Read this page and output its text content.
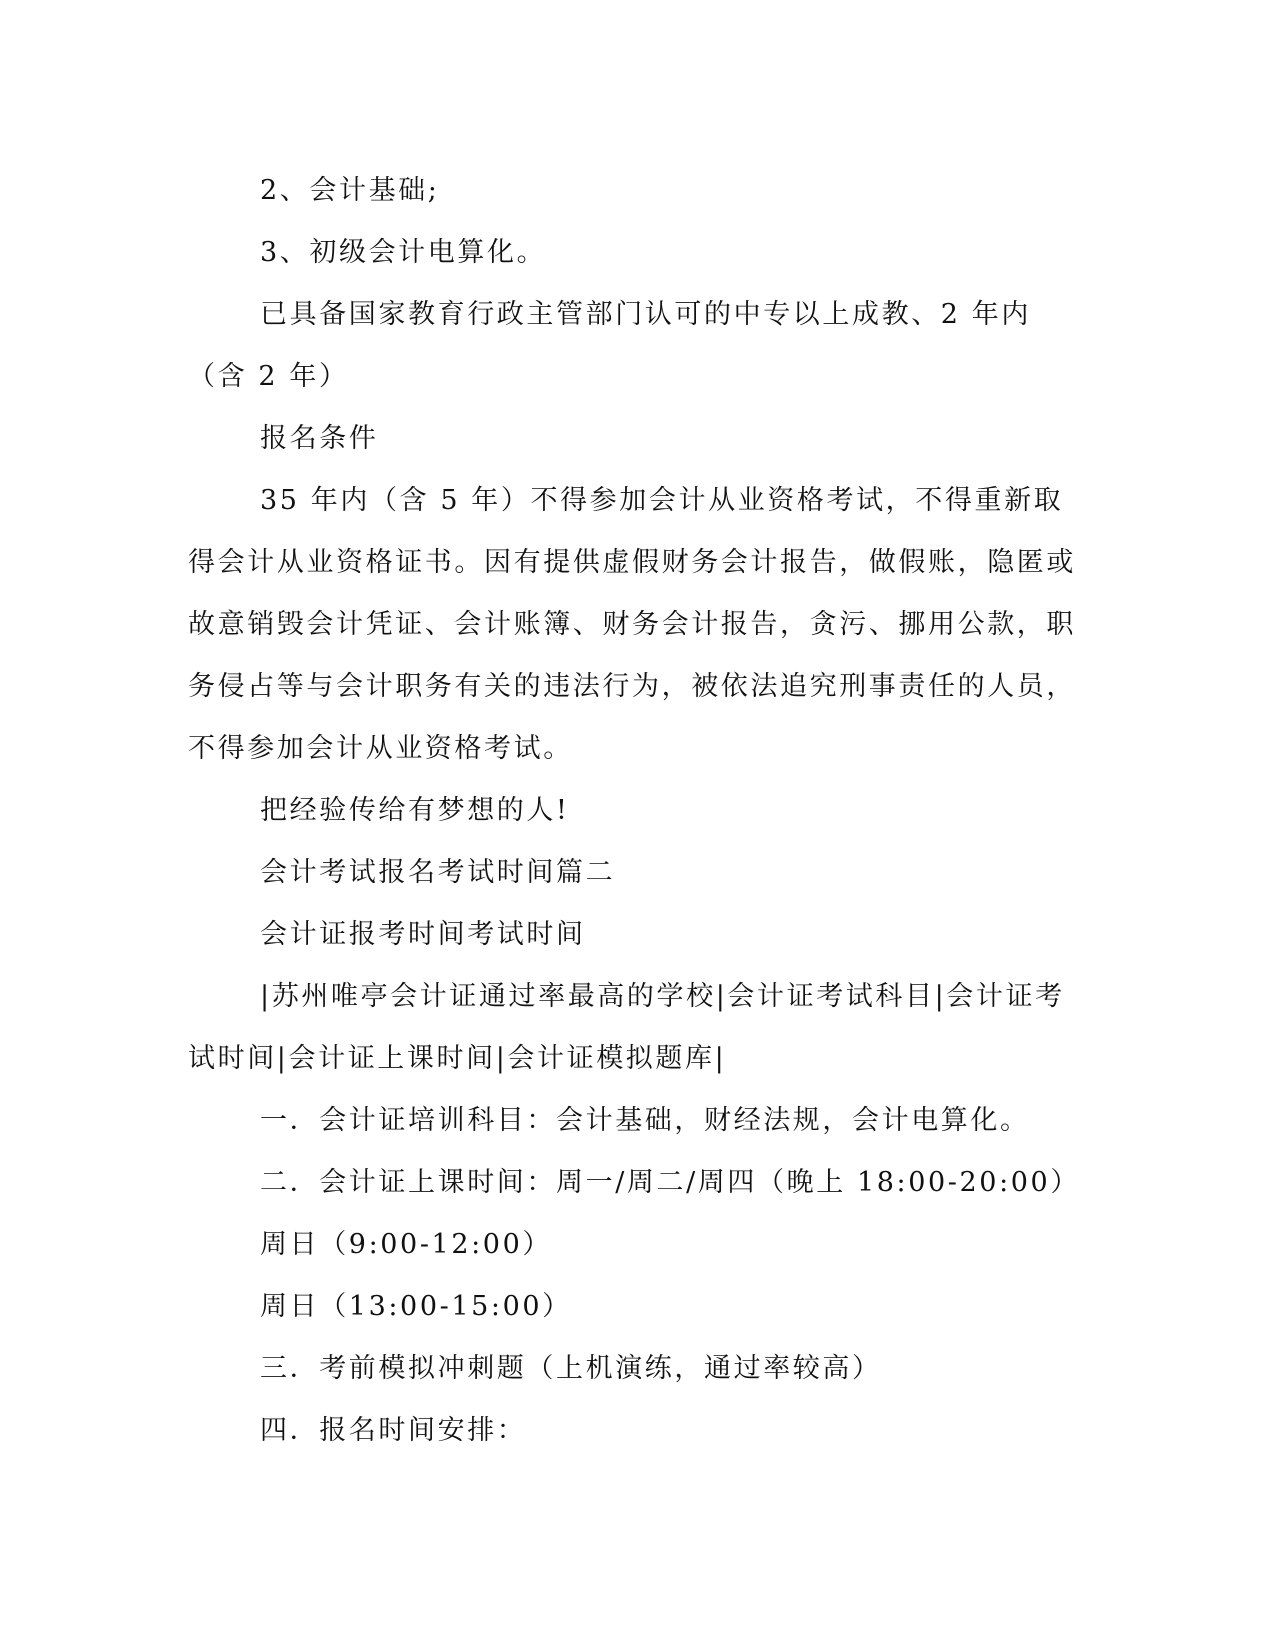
2、会计基础;

3、初级会计电算化。

已具备国家教育行政主管部门认可的中专以上成教、2 年内（含 2 年）

报名条件

35 年内（含 5 年）不得参加会计从业资格考试，不得重新取得会计从业资格证书。因有提供虚假财务会计报告，做假账，隐匿或故意销毁会计凭证、会计账簿、财务会计报告，贪污、挪用公款，职务侵占等与会计职务有关的违法行为，被依法追究刑事责任的人员，不得参加会计从业资格考试。

把经验传给有梦想的人!

会计考试报名考试时间篇二

会计证报考时间考试时间

|苏州唯亭会计证通过率最高的学校|会计证考试科目|会计证考试时间|会计证上课时间|会计证模拟题库|

一．会计证培训科目：会计基础，财经法规，会计电算化。

二．会计证上课时间：周一/周二/周四（晚上 18:00-20:00）

周日（9:00-12:00）

周日（13:00-15:00）

三．考前模拟冲刺题（上机演练，通过率较高）

四．报名时间安排：
